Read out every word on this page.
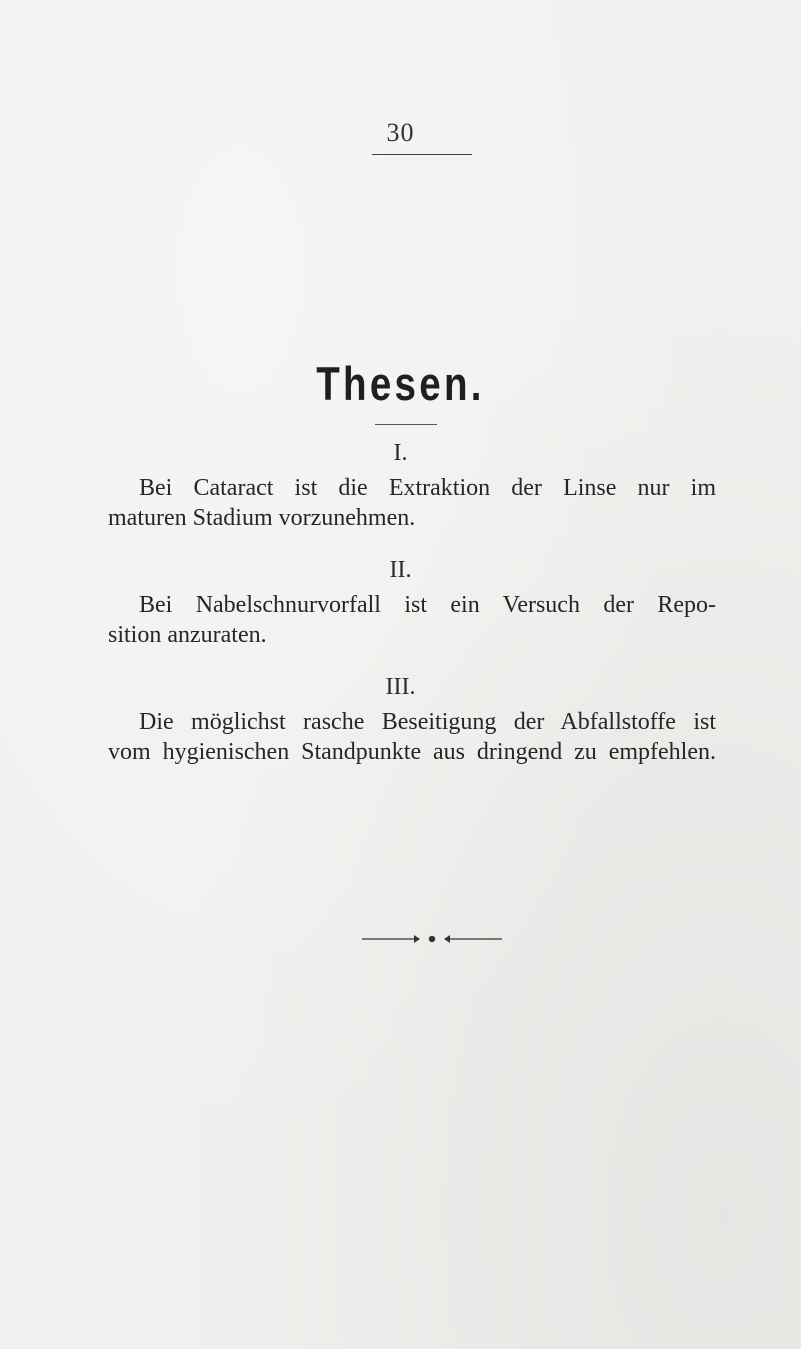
30
Thesen.
I.
Bei Cataract ist die Extraktion der Linse nur im
maturen Stadium vorzunehmen.
II.
Bei Nabelschnurvorfall ist ein Versuch der Repo-
sition anzuraten.
III.
Die möglichst rasche Beseitigung der Abfallstoffe ist
vom hygienischen Standpunkte aus dringend zu empfehlen.
